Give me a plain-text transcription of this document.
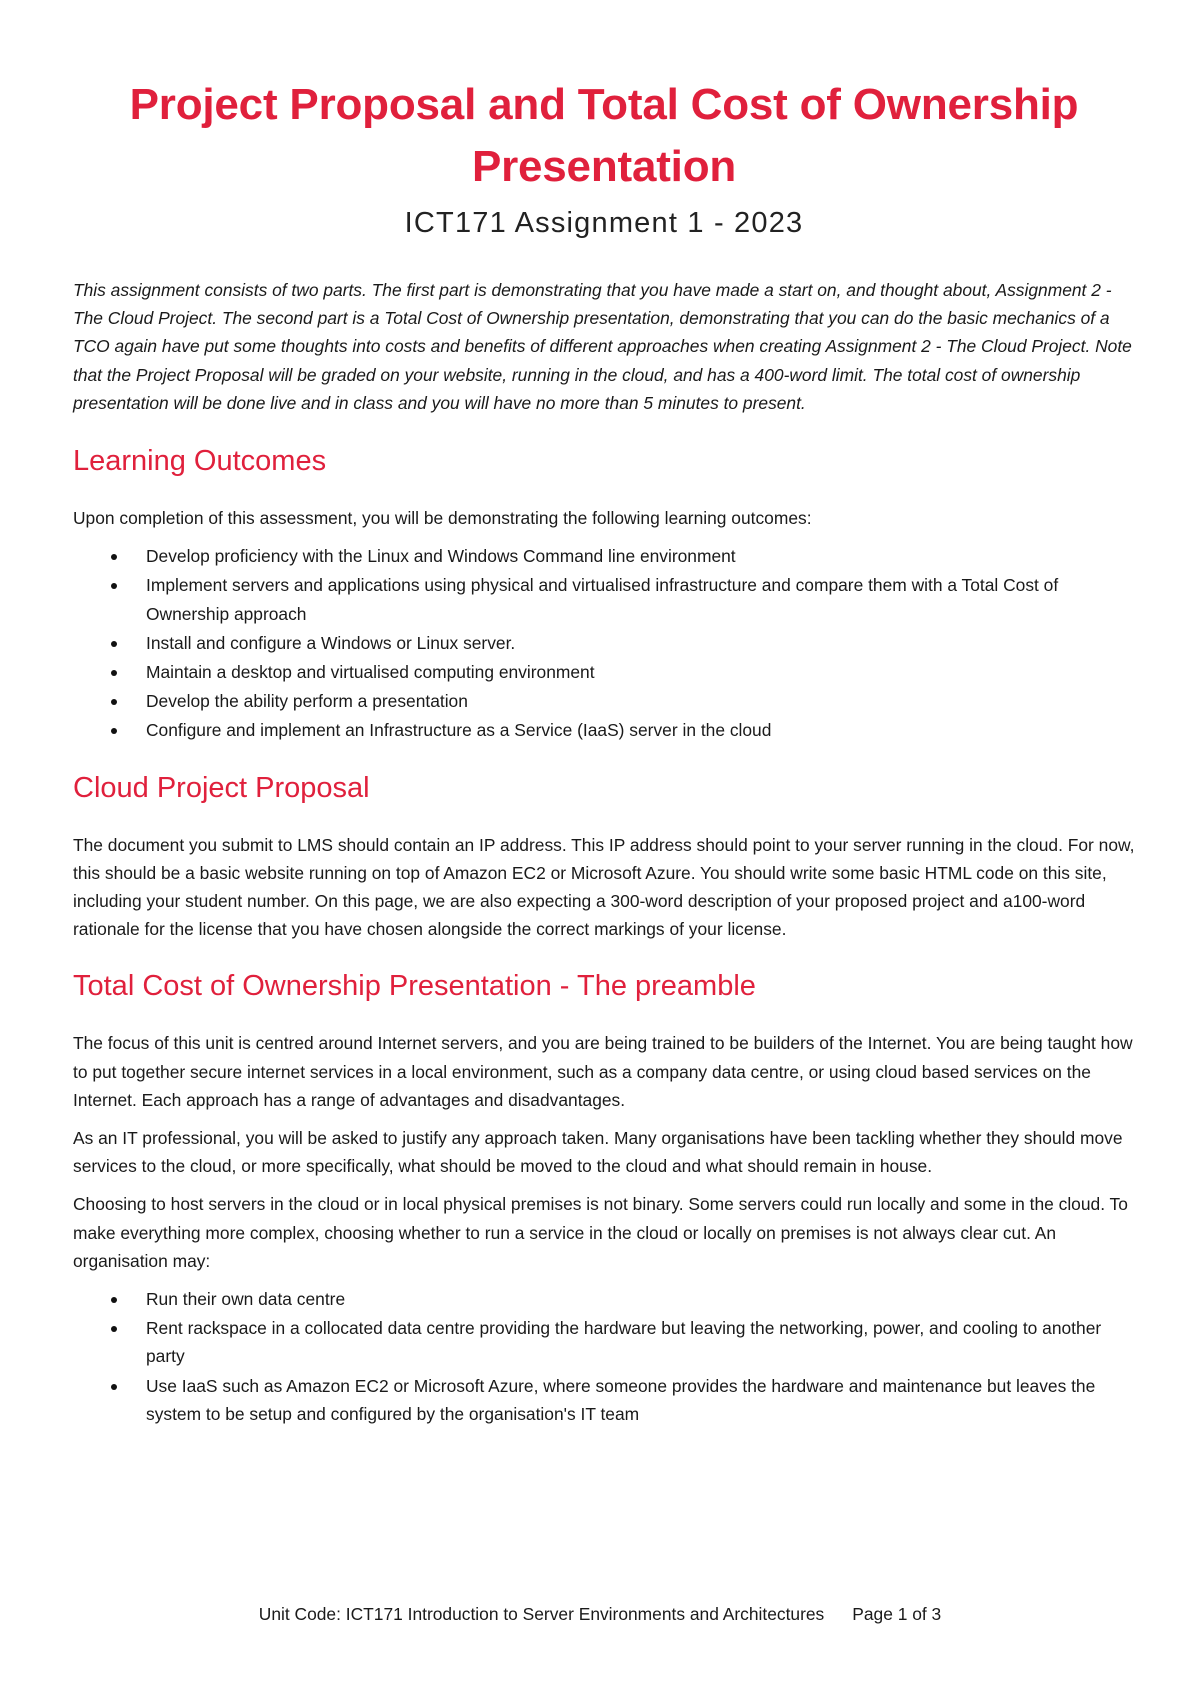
Project Proposal and Total Cost of Ownership Presentation
ICT171 Assignment 1 - 2023

This assignment consists of two parts. The first part is demonstrating that you have made a start on, and thought about, Assignment 2 - The Cloud Project. The second part is a Total Cost of Ownership presentation, demonstrating that you can do the basic mechanics of a TCO again have put some thoughts into costs and benefits of different approaches when creating Assignment 2 - The Cloud Project. Note that the Project Proposal will be graded on your website, running in the cloud, and has a 400-word limit. The total cost of ownership presentation will be done live and in class and you will have no more than 5 minutes to present.

Learning Outcomes

Upon completion of this assessment, you will be demonstrating the following learning outcomes:

Develop proficiency with the Linux and Windows Command line environment
Implement servers and applications using physical and virtualised infrastructure and compare them with a Total Cost of Ownership approach
Install and configure a Windows or Linux server.
Maintain a desktop and virtualised computing environment
Develop the ability perform a presentation
Configure and implement an Infrastructure as a Service (IaaS) server in the cloud
Cloud Project Proposal

The document you submit to LMS should contain an IP address. This IP address should point to your server running in the cloud. For now, this should be a basic website running on top of Amazon EC2 or Microsoft Azure. You should write some basic HTML code on this site, including your student number. On this page, we are also expecting a 300-word description of your proposed project and a100-word rationale for the license that you have chosen alongside the correct markings of your license.

Total Cost of Ownership Presentation - The preamble

The focus of this unit is centred around Internet servers, and you are being trained to be builders of the Internet. You are being taught how to put together secure internet services in a local environment, such as a company data centre, or using cloud based services on the Internet. Each approach has a range of advantages and disadvantages.

As an IT professional, you will be asked to justify any approach taken. Many organisations have been tackling whether they should move services to the cloud, or more specifically, what should be moved to the cloud and what should remain in house.

Choosing to host servers in the cloud or in local physical premises is not binary. Some servers could run locally and some in the cloud. To make everything more complex, choosing whether to run a service in the cloud or locally on premises is not always clear cut. An organisation may:

Run their own data centre
Rent rackspace in a collocated data centre providing the hardware but leaving the networking, power, and cooling to another party
Use IaaS such as Amazon EC2 or Microsoft Azure, where someone provides the hardware and maintenance but leaves the system to be setup and configured by the organisation's IT team
Unit Code: ICT171 Introduction to Server Environments and Architectures Page 1 of 3
